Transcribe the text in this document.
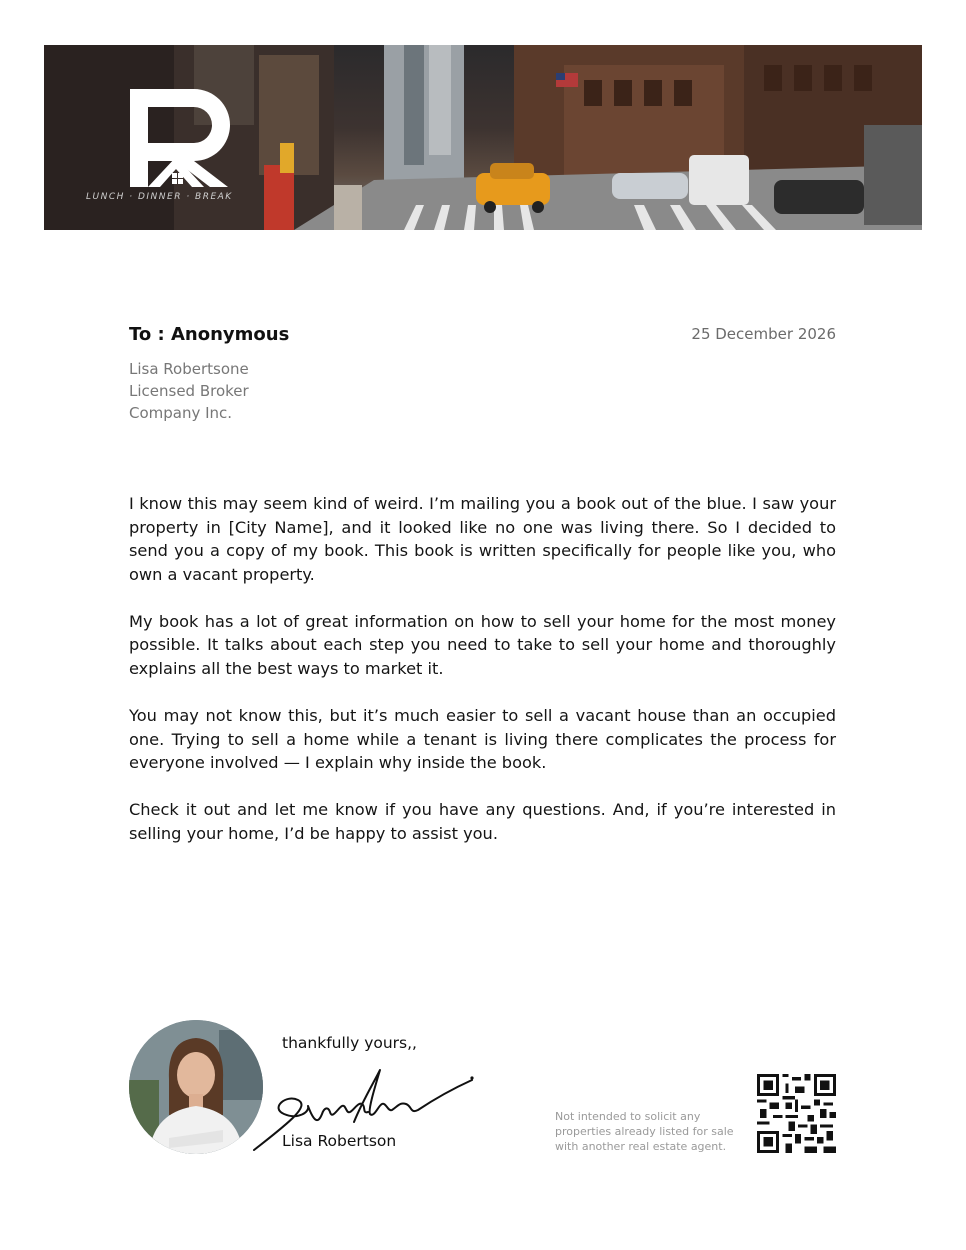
LUNCH · DINNER · BREAK
To : Anonymous	25 December 2026
Lisa Robertsone
Licensed Broker
Company Inc.

I know this may seem kind of weird. I’m mailing you a book out of the blue. I saw your property in [City Name], and it looked like no one was living there. So I decided to send you a copy of my book. This book is written specifically for people like you, who own a vacant property.

My book has a lot of great information on how to sell your home for the most money possible. It talks about each step you need to take to sell your home and thoroughly explains all the best ways to market it.

You may not know this, but it’s much easier to sell a vacant house than an occupied one. Trying to sell a home while a tenant is living there complicates the process for everyone involved — I explain why inside the book.

Check it out and let me know if you have any questions. And, if you’re interested in selling your home, I’d be happy to assist you.

thankfully yours,,
Lisa Robertson
Not intended to solicit any properties already listed for sale with another real estate agent.
